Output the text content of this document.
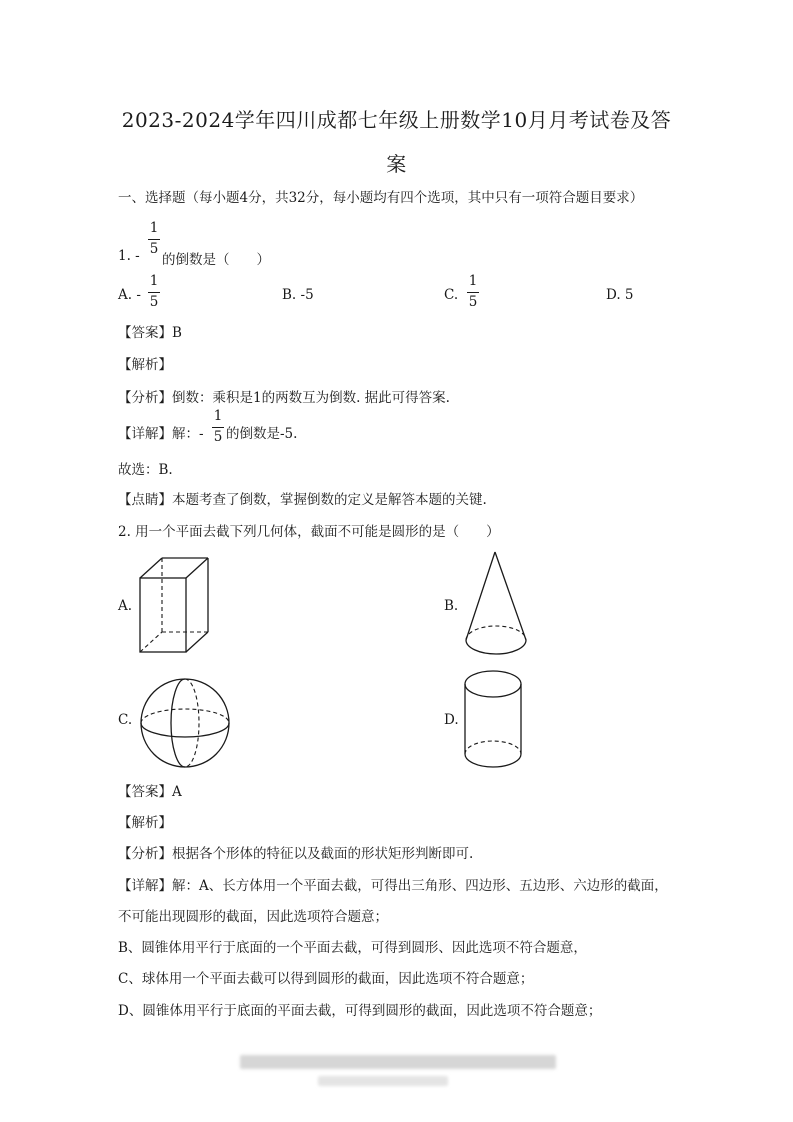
2023-2024学年四川成都七年级上册数学10月月考试卷及答
案
一、选择题（每小题4分，共32分，每小题均有四个选项，其中只有一项符合题目要求）
1. -
1
5
的倒数是（　　）
A. -
1
5	B. -5	C.
1
5	D. 5
【答案】B
【解析】
【分析】倒数：乘积是1的两数互为倒数. 据此可得答案.
【详解】解：-
1
5 的倒数是-5.
故选：B.
【点睛】本题考查了倒数，掌握倒数的定义是解答本题的关键.
2. 用一个平面去截下列几何体，截面不可能是圆形的是（　　）
A.	B.
C.	D.
【答案】A
【解析】
【分析】根据各个形体的特征以及截面的形状矩形判断即可.
【详解】解：A、长方体用一个平面去截，可得出三角形、四边形、五边形、六边形的截面，
不可能出现圆形的截面，因此选项符合题意；
B、圆锥体用平行于底面的一个平面去截，可得到圆形、因此选项不符合题意，
C、球体用一个平面去截可以得到圆形的截面，因此选项不符合题意；
D、圆锥体用平行于底面的平面去截，可得到圆形的截面，因此选项不符合题意；
